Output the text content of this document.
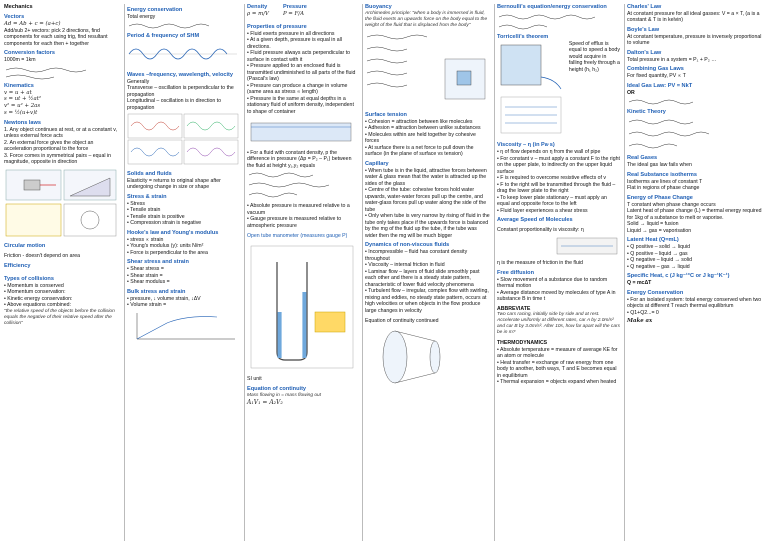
Mechanics
Vectors
Ad = Ab + c = (a+c)
Add/sub 2+ vectors: pick 2 directions, find components for each using trig, find resultant components for each then + together
Conversion factors
1000m = 1km
Kinematics
v = u + at
s = ut + ½at²
v² = u² + 2as
s = ½(u+v)t
Newtons laws
1. Any object continues at rest, or at a constant v, unless external force acts
2. An external force gives the object an acceleration proportional to the force
3. Force comes in symmetrical pairs – equal in magnitude, opposite in direction
Circular motion
Friction - doesn't depend on area
Efficiency
Types of collisions
• Momentum is conserved
• Momentum conservation:
• Kinetic energy conservation:
• Above equations combined:
"the relative speed of the objects before the collision equals the negative of their relative speed after the collision"
Energy conservation
Total energy
Period & frequency of SHM
Waves –frequency, wavelength, velocity
Generally
Transverse – oscillation is perpendicular to the propagation
Longitudinal – oscillation is in direction to propagation
Solids and fluids
Elasticity = returns to original shape after undergoing change in size or shape
Stress & strain
• Stress
• Tensile strain
• Tensile strain is positive
• Compression strain is negative
Hooke's law and Young's modulus
• stress ∝ strain
• Young's modulus (y): units N/m²
• Force is perpendicular to the area
Shear stress and strain
• Shear stress =
• Shear strain =
• Shear modulus =
Bulk stress and strain
• pressure, ↓ volume strain, ↓ΔV
• Volume strain =
Density
ρ = m/V
Pressure
P = F/A
Properties of pressure
• Fluid exerts pressure in all directions
• At a given depth, pressure is equal in all directions.
• Fluid pressure always acts perpendicular to surface in contact with it
• Pressure applied to an enclosed fluid is transmitted undiminished to all parts of the fluid (Pascal's law)
• Pressure can produce a change in volume (same area as stress ∝ length)
• Pressure is the same at equal depths in a stationary fluid of uniform density, independent to shape of container
• For a fluid with constant density, p the difference in pressure (Δp = P₂ – P₁) between the fluid at height y₁,y₂ equals
• Absolute pressure is measured relative to a vacuum
• Gauge pressure is measured relative to atmospheric pressure
Open tube manometer (measures gauge P)
SI unit
Equation of continuity
Mass flowing in = mass flowing out
A₁V₁ = A₂V₂
Buoyancy
Archimedes principle: "when a body is immersed in fluid, the fluid exerts an upwards force on the body equal to the weight of the fluid that is displaced from the body"
Surface tension
• Cohesion = attraction between like molecules
• Adhesion = attraction between unlike substances
• Molecules within are held together by cohesive forces
• At surface there is a net force to pull down the surface (in the plane of surface vs tension)
Capillary
• When tube is in the liquid, attractive forces between water & glass mean that the water is attracted up the sides of the glass
• Centre of the tube: cohesive forces hold water upwards, water-water forces pull up the centre, and water-glass forces pull up water along the side of the tube
• Only when tube is very narrow by rising of fluid in the tube only takes place if the upwards force is balanced by the mg of the fluid up the tube, if the tube was wider then the mg will be much bigger
Dynamics of non-viscous fluids
• Incompressible – fluid has constant density throughout
• Viscosity – internal friction in fluid
• Laminar flow – layers of fluid slide smoothly past each other and there is a steady state pattern, characteristic of lower fluid velocity phenomena
• Turbulent flow – irregular, complex flow with swirling, mixing and eddies, no steady state pattern, occurs at high velocities or when objects in the flow produce large changes in velocity
Equation of continuity continued
Bernoulli's equation/energy conservation
Torricelli's theorem
Speed of efflux is equal to speed a body would acquire in falling freely through a height (h₁ h₂)
Viscosity – η (in Pa·s)
• η of flow depends on η from the wall of pipe
• For constant v – must apply a constant F to the right on the upper plate, to indirectly on the upper liquid surface
• F is required to overcome resistive effects of v
• F to the right will be transmitted through the fluid – drag the lower plate to the right
• To keep lower plate stationary – must apply an equal and opposite force to the left
• Fluid layer experiences a shear stress
Average Speed of Molecules
Constant proportionality is viscosity: η
η is the measure of friction in the fluid
Free diffusion
• Slow movement of a substance due to random thermal motion
• Average distance moved by molecules of type A in substance B in time t
ABBREVIATE
Two cars racing, initially side by side and at rest. Accelerate uniformly at different rates, car A by 2.0m/s² and car B by 3.0m/s². After 10s, how far apart will the cars be in m?
THERMODYNAMICS
• Absolute temperature = measure of average KE for an atom or molecule
• Heat transfer = exchange of raw energy from one body to another, both ways, T and E becomes equal in equilibrium
• Thermal expansion = objects expand when heated
Charles' Law
At constant pressure for all ideal gasses: V = a × T, (a is a constant & T is in kelvin)
Boyle's Law
At constant temperature, pressure is inversely proportional to volume
Dalton's Law
Total pressure in a system = P₁ + P₂ …
Combining Gas Laws
For fixed quantity, PV ∝ T
Ideal Gas Law: PV = NkT
OR
Kinetic Theory
Real Gases
The ideal gas law fails when
Real Substance isotherms
Isotherms are lines of constant T
Flat in regions of phase change
Energy of Phase Change
T constant when phase change occurs
Latent heat of phase change (L) = thermal energy required for 1kg of a substance to melt or vaporise.
Solid → liquid = fusion
Liquid → gas = vaporisation
Latent Heat (Q=mL)
• Q positive – solid → liquid
• Q positive – liquid → gas
• Q negative – liquid → solid
• Q negative – gas → liquid
Specific Heat, c (J kg⁻¹°C or J kg⁻¹K⁻¹)
Q = mcΔT
Energy Conservation
• For an isolated system: total energy conserved when two objects at different T reach thermal equilibrium
• Q1+Q2...= 0
Make ax
